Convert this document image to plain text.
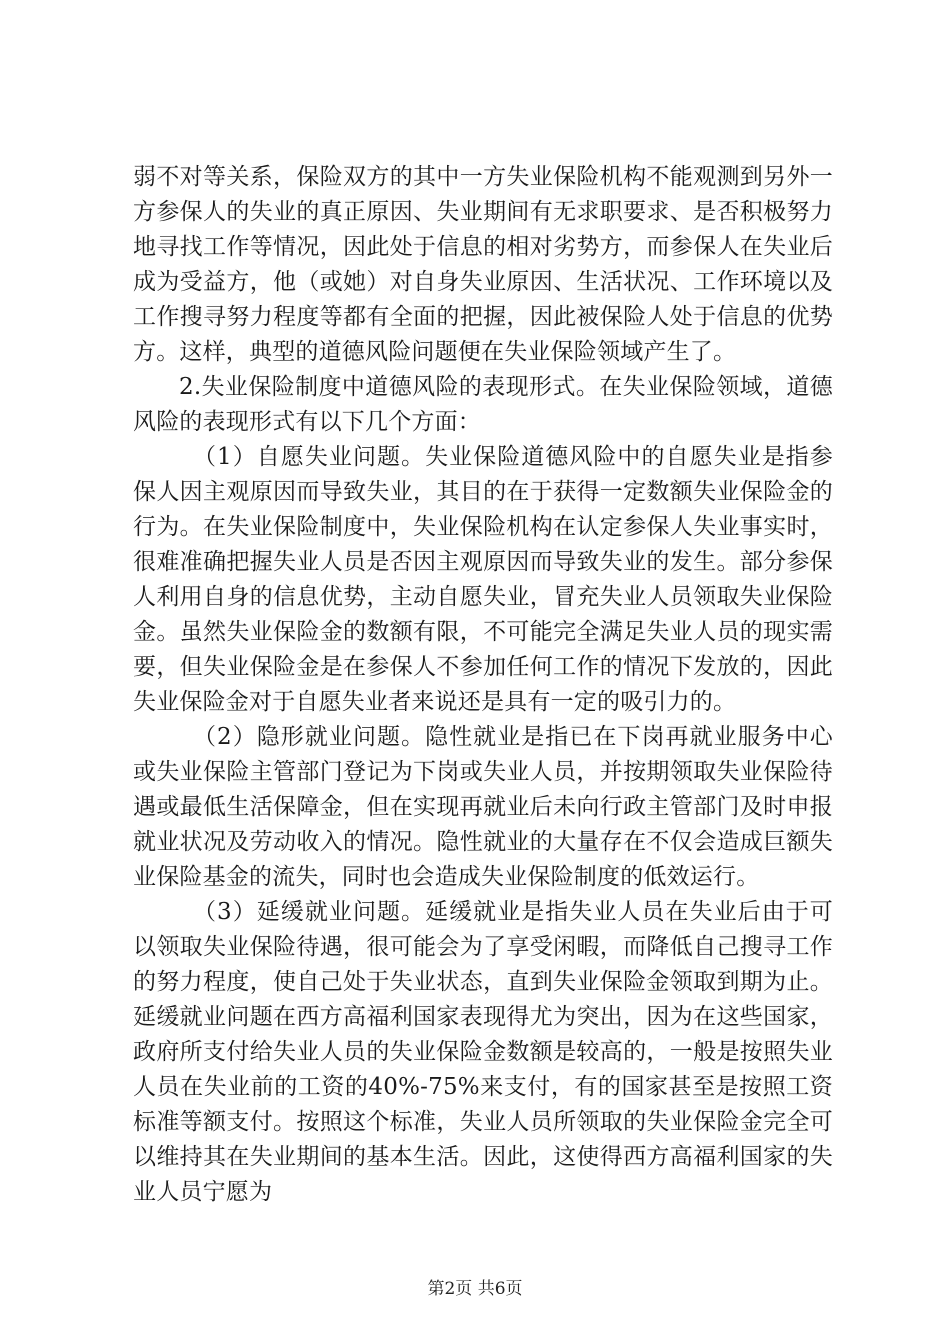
弱不对等关系，保险双方的其中一方失业保险机构不能观测到另外一方参保人的失业的真正原因、失业期间有无求职要求、是否积极努力地寻找工作等情况，因此处于信息的相对劣势方，而参保人在失业后成为受益方，他（或她）对自身失业原因、生活状况、工作环境以及工作搜寻努力程度等都有全面的把握，因此被保险人处于信息的优势方。这样，典型的道德风险问题便在失业保险领域产生了。

2.失业保险制度中道德风险的表现形式。在失业保险领域，道德风险的表现形式有以下几个方面：

（1）自愿失业问题。失业保险道德风险中的自愿失业是指参保人因主观原因而导致失业，其目的在于获得一定数额失业保险金的行为。在失业保险制度中，失业保险机构在认定参保人失业事实时，很难准确把握失业人员是否因主观原因而导致失业的发生。部分参保人利用自身的信息优势，主动自愿失业，冒充失业人员领取失业保险金。虽然失业保险金的数额有限，不可能完全满足失业人员的现实需要，但失业保险金是在参保人不参加任何工作的情况下发放的，因此失业保险金对于自愿失业者来说还是具有一定的吸引力的。

（2）隐形就业问题。隐性就业是指已在下岗再就业服务中心或失业保险主管部门登记为下岗或失业人员，并按期领取失业保险待遇或最低生活保障金，但在实现再就业后未向行政主管部门及时申报就业状况及劳动收入的情况。隐性就业的大量存在不仅会造成巨额失业保险基金的流失，同时也会造成失业保险制度的低效运行。

（3）延缓就业问题。延缓就业是指失业人员在失业后由于可以领取失业保险待遇，很可能会为了享受闲暇，而降低自己搜寻工作的努力程度，使自己处于失业状态，直到失业保险金领取到期为止。延缓就业问题在西方高福利国家表现得尤为突出，因为在这些国家，政府所支付给失业人员的失业保险金数额是较高的，一般是按照失业人员在失业前的工资的40%-75%来支付，有的国家甚至是按照工资标准等额支付。按照这个标准，失业人员所领取的失业保险金完全可以维持其在失业期间的基本生活。因此，这使得西方高福利国家的失业人员宁愿为

第2页 共6页
